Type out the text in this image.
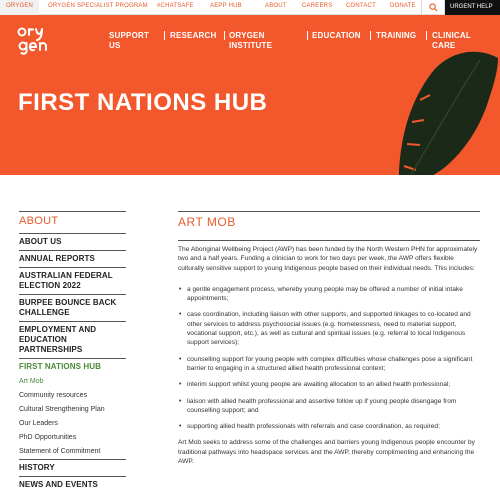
ORYGEN	ORYGEN SPECIALIST PROGRAM #CHATSAFE	AEPP HUB	ABOUT	CAREERS CONTACT DONATE	URGENT HELP
SUPPORT US
RESEARCH ORYGEN INSTITUTE
EDUCATION TRAINING CLINICAL CARE
FIRST NATIONS HUB
ABOUT
ABOUT US
ANNUAL REPORTS
AUSTRALIAN FEDERAL ELECTION 2022
BURPEE BOUNCE BACK CHALLENGE
EMPLOYMENT AND EDUCATION PARTNERSHIPS
FIRST NATIONS HUB
Art Mob
Community resources
Cultural Strengthening Plan
Our Leaders
PhD Opportunities
Statement of Commitment
HISTORY
NEWS AND EVENTS
ART MOB

The Aboriginal Wellbeing Project (AWP) has been funded by the North Western PHN for approximately two and a half years. Funding a clinician to work for two days per week, the AWP offers flexible culturally sensitive support to young Indigenous people based on their individual needs. This includes:

• a gentle engagement process, whereby young people may be offered a number of initial intake appointments;
• case coordination, including liaison with other supports, and supported linkages to co-located and other services to address psychosocial issues (e.g. homelessness, need to material support, vocational support, etc.), as well as cultural and spiritual issues (e.g. referral to local Indigenous support services);
• counselling support for young people with complex difficulties whose challenges pose a significant barrier to engaging in a structured allied health professional context;
• interim support whilst young people are awaiting allocation to an allied health professional;
• liaison with allied health professional and assertive follow up if young people disengage from counselling support; and
• supporting allied health professionals with referrals and case coordination, as required;

Art Mob seeks to address some of the challenges and barriers young Indigenous people encounter by traditional pathways into headspace services and the AWP, thereby complimenting and enhancing the AWP.
